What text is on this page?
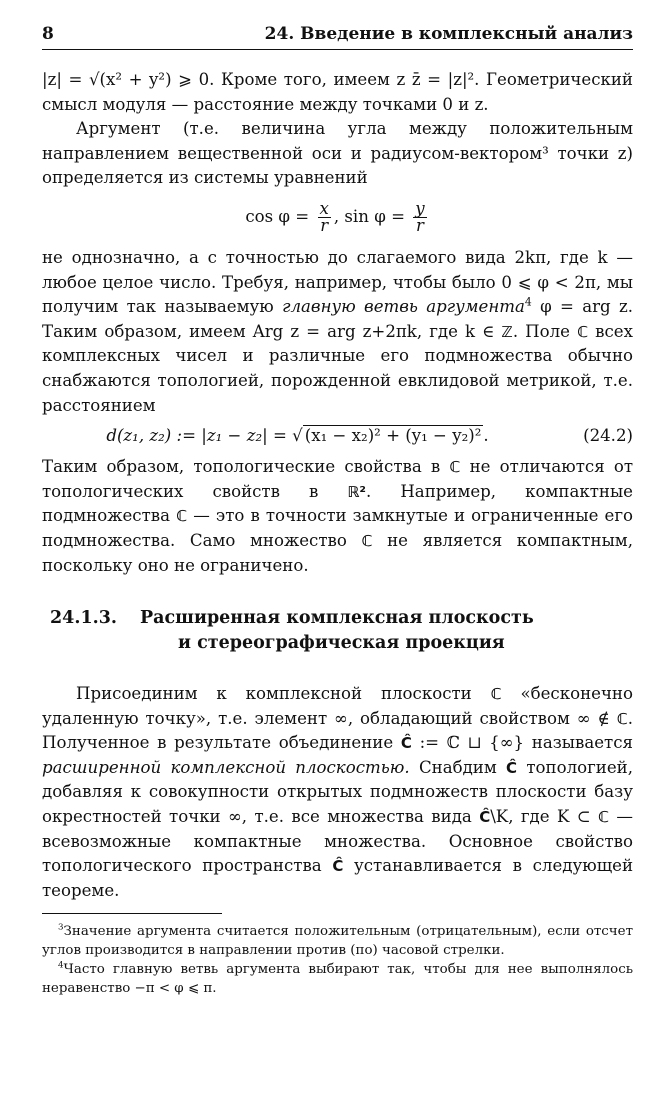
8	24. Введение в комплексный анализ

|z| = √(x² + y²) ⩾ 0. Кроме того, имеем z z̄ = |z|². Геометрический смысл модуля — расстояние между точками 0 и z.

Аргумент (т.е. величина угла между положительным направлением вещественной оси и радиусом-вектором³ точки z) определяется из системы уравнений

$\cos \varphi = \frac{x}{r}$ , $\sin \varphi = \frac{y}{r}$

не однозначно, а с точностью до слагаемого вида 2kπ, где k — любое целое число. Требуя, например, чтобы было 0 ⩽ φ < 2π, мы получим так называемую главную ветвь аргумента$^4$ φ = arg z. Таким образом, имеем Arg z = arg z+2πk, где k ∈ ℤ. Поле ℂ всех комплексных чисел и различные его подмножества обычно снабжаются топологией, порожденной евклидовой метрикой, т.е. расстоянием

d(z₁, z₂) := |z₁ − z₂| = √ (x₁ − x₂)² + (y₁ − y₂)² .	(24.2)

Таким образом, топологические свойства в ℂ не отличаются от топологических свойств в ℝ². Например, компактные подмножества ℂ — это в точности замкнутые и ограниченные его подмножества. Само множество ℂ не является компактным, поскольку оно не ограничено.

24.1.3.	Расширенная комплексная плоскость
и стереографическая проекция

Присоединим к комплексной плоскости ℂ «бесконечно удаленную точку», т.е. элемент ∞, обладающий свойством ∞ ∉ ℂ. Полученное в результате объединение Ĉ := ℂ ⊔ {∞} называется расширенной комплексной плоскостью. Снабдим Ĉ топологией, добавляя к совокупности открытых подмножеств плоскости базу окрестностей точки ∞, т.е. все множества вида Ĉ\K, где K ⊂ ℂ — всевозможные компактные множества. Основное свойство топологического пространства Ĉ устанавливается в следующей теореме.

$^3$Значение аргумента считается положительным (отрицательным), если отсчет углов производится в направлении против (по) часовой стрелки.

$^4$Часто главную ветвь аргумента выбирают так, чтобы для нее выполнялось неравенство −π < φ ⩽ π.
